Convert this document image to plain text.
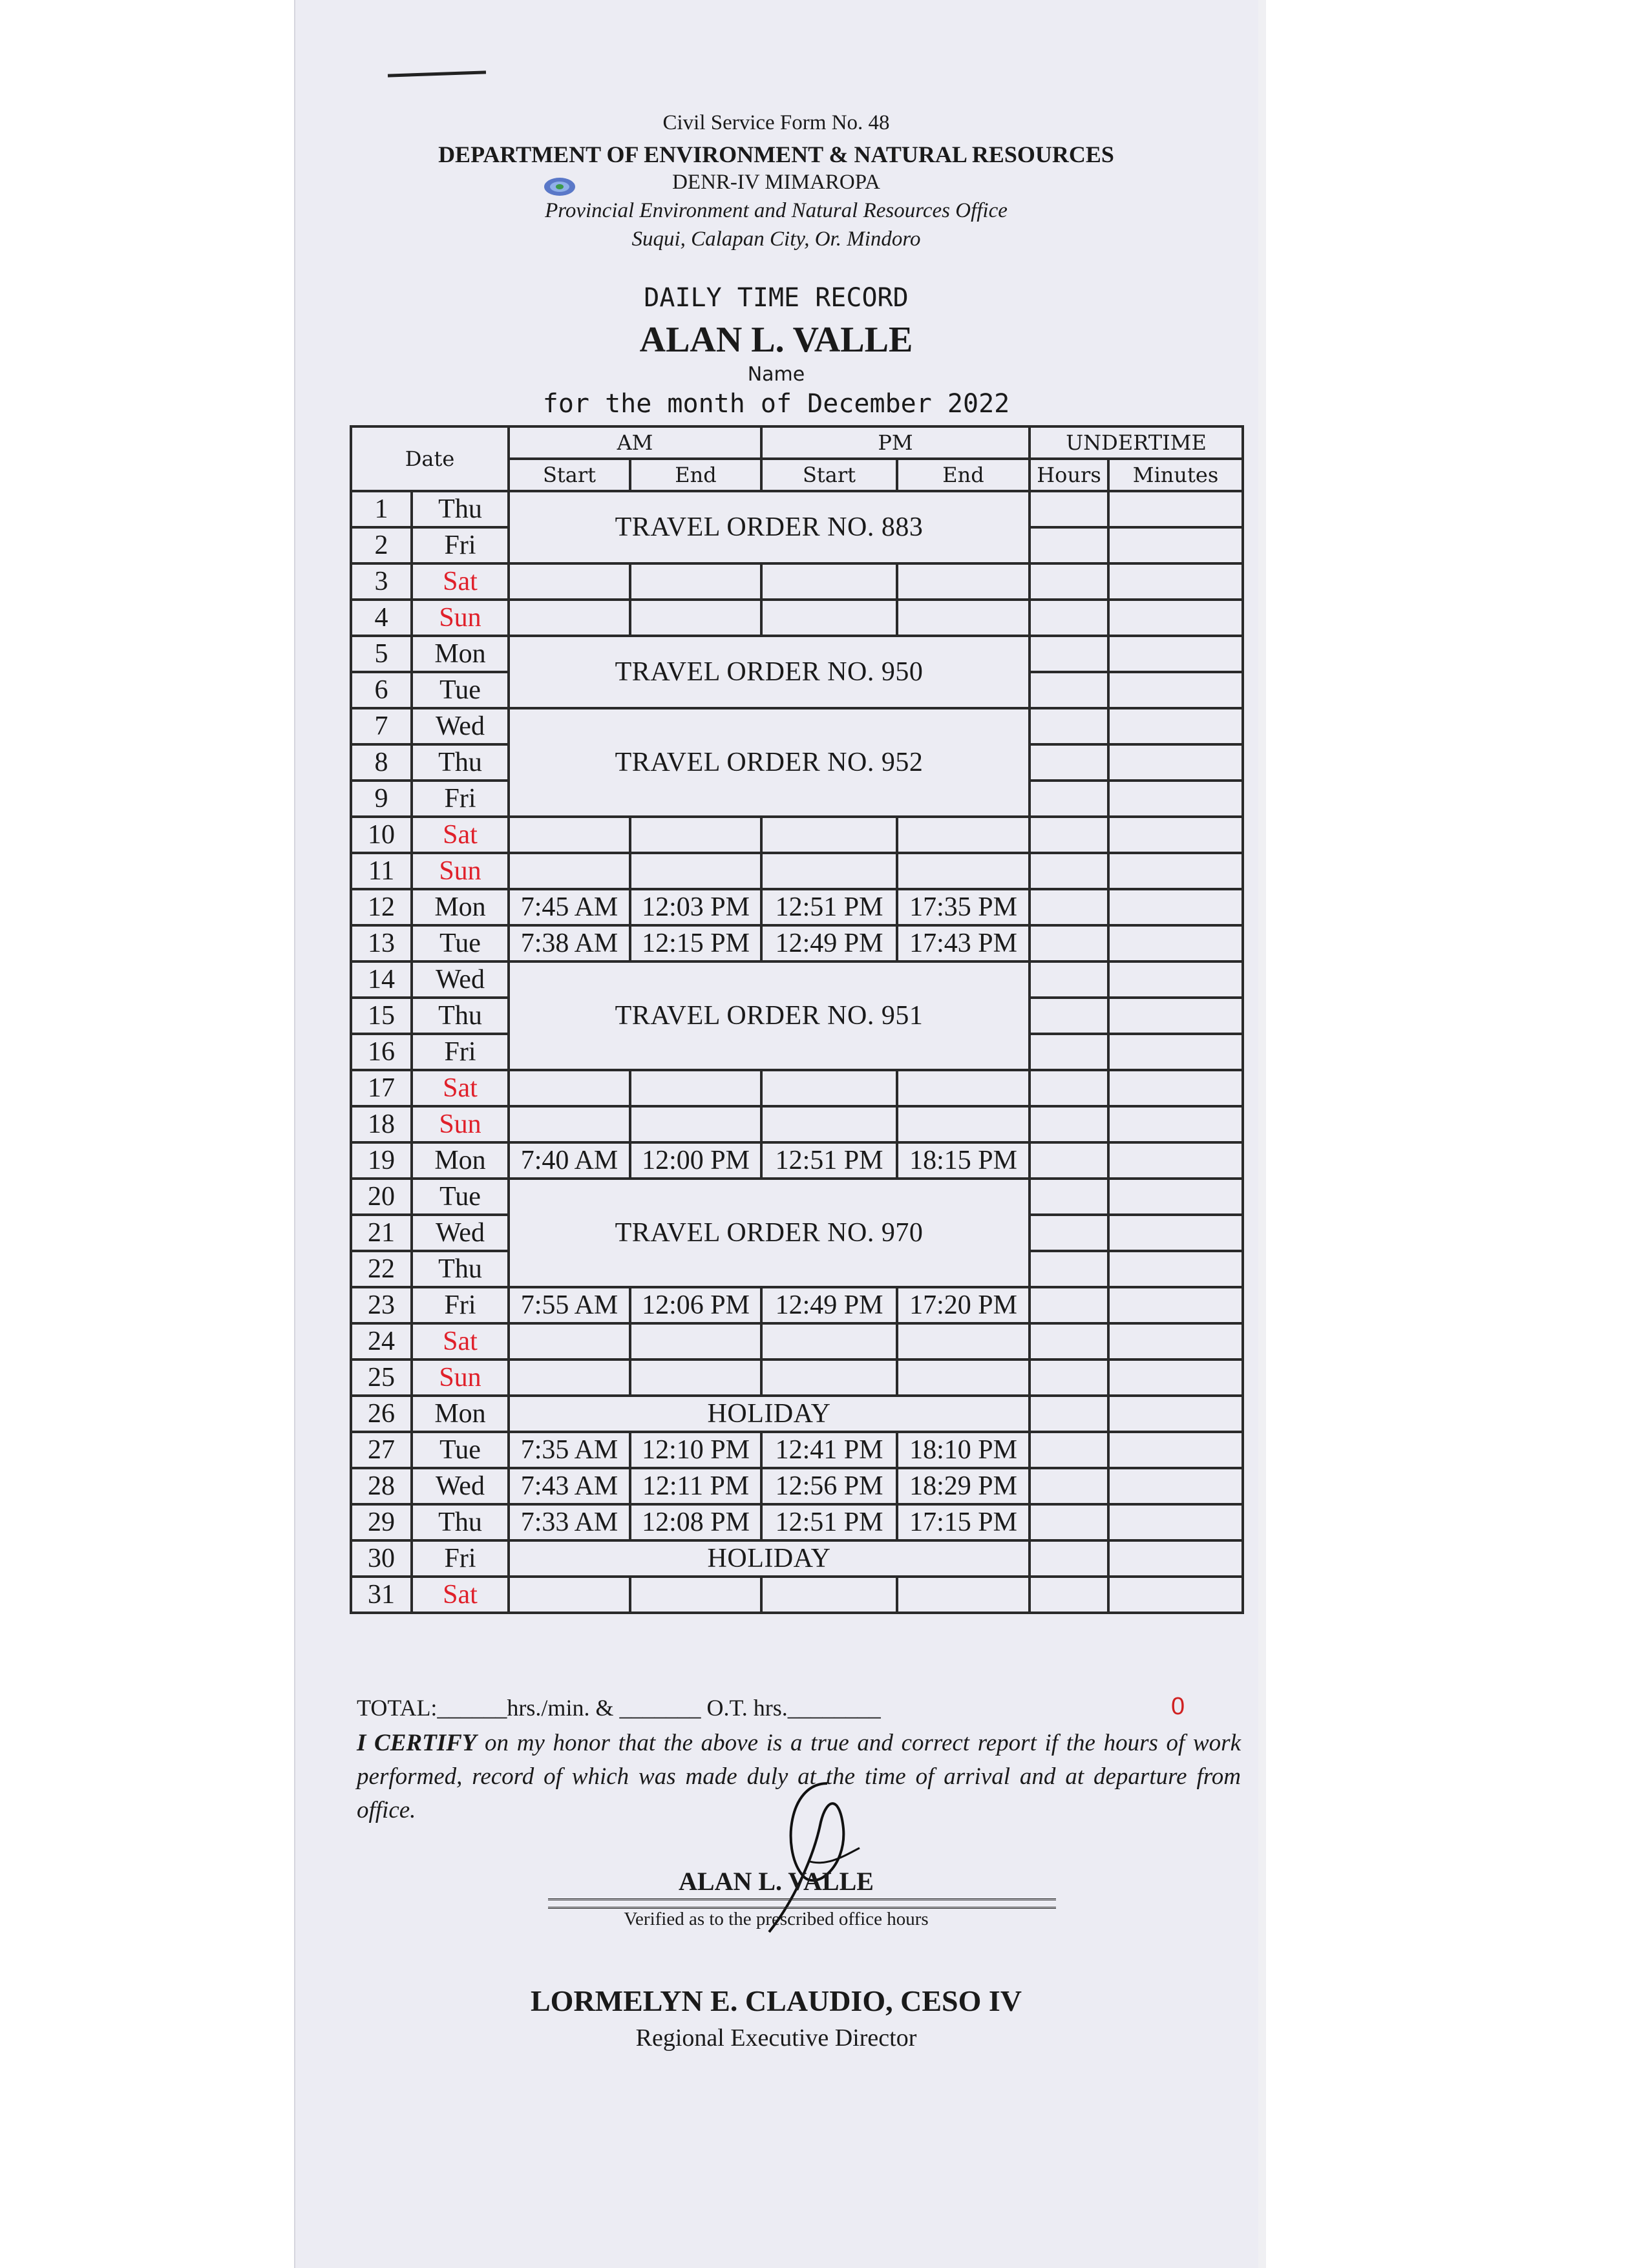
Civil Service Form No. 48
DEPARTMENT OF ENVIRONMENT & NATURAL RESOURCES
DENR-IV MIMAROPA
Provincial Environment and Natural Resources Office
Suqui, Calapan City, Or. Mindoro
DAILY TIME RECORD
ALAN L. VALLE
Name
for the month of December 2022
Date		AM		PM		UNDERTIME	
		Start	End	Start	End	Hours	Minutes
1	Thu	TRAVEL ORDER NO. 883					
2	Fri						
3	Sat						
4	Sun						
5	Mon	TRAVEL ORDER NO. 950					
6	Tue						
7	Wed	TRAVEL ORDER NO. 952					
8	Thu						
9	Fri						
10	Sat						
11	Sun						
12	Mon	7:45 AM	12:03 PM	12:51 PM	17:35 PM		
13	Tue	7:38 AM	12:15 PM	12:49 PM	17:43 PM		
14	Wed	TRAVEL ORDER NO. 951					
15	Thu						
16	Fri						
17	Sat						
18	Sun						
19	Mon	7:40 AM	12:00 PM	12:51 PM	18:15 PM		
20	Tue	TRAVEL ORDER NO. 970					
21	Wed						
22	Thu						
23	Fri	7:55 AM	12:06 PM	12:49 PM	17:20 PM		
24	Sat						
25	Sun						
26	Mon	HOLIDAY					
27	Tue	7:35 AM	12:10 PM	12:41 PM	18:10 PM		
28	Wed	7:43 AM	12:11 PM	12:56 PM	18:29 PM		
29	Thu	7:33 AM	12:08 PM	12:51 PM	17:15 PM		
30	Fri	HOLIDAY					
31	Sat						
TOTAL:______hrs./min. & _______ O.T. hrs.________	0
I CERTIFY on my honor that the above is a true and correct report if the hours of work performed, record of which was made duly at the time of arrival and at departure from office.
ALAN L. VALLE
Verified as to the prescribed office hours
LORMELYN E. CLAUDIO, CESO IV
Regional Executive Director
